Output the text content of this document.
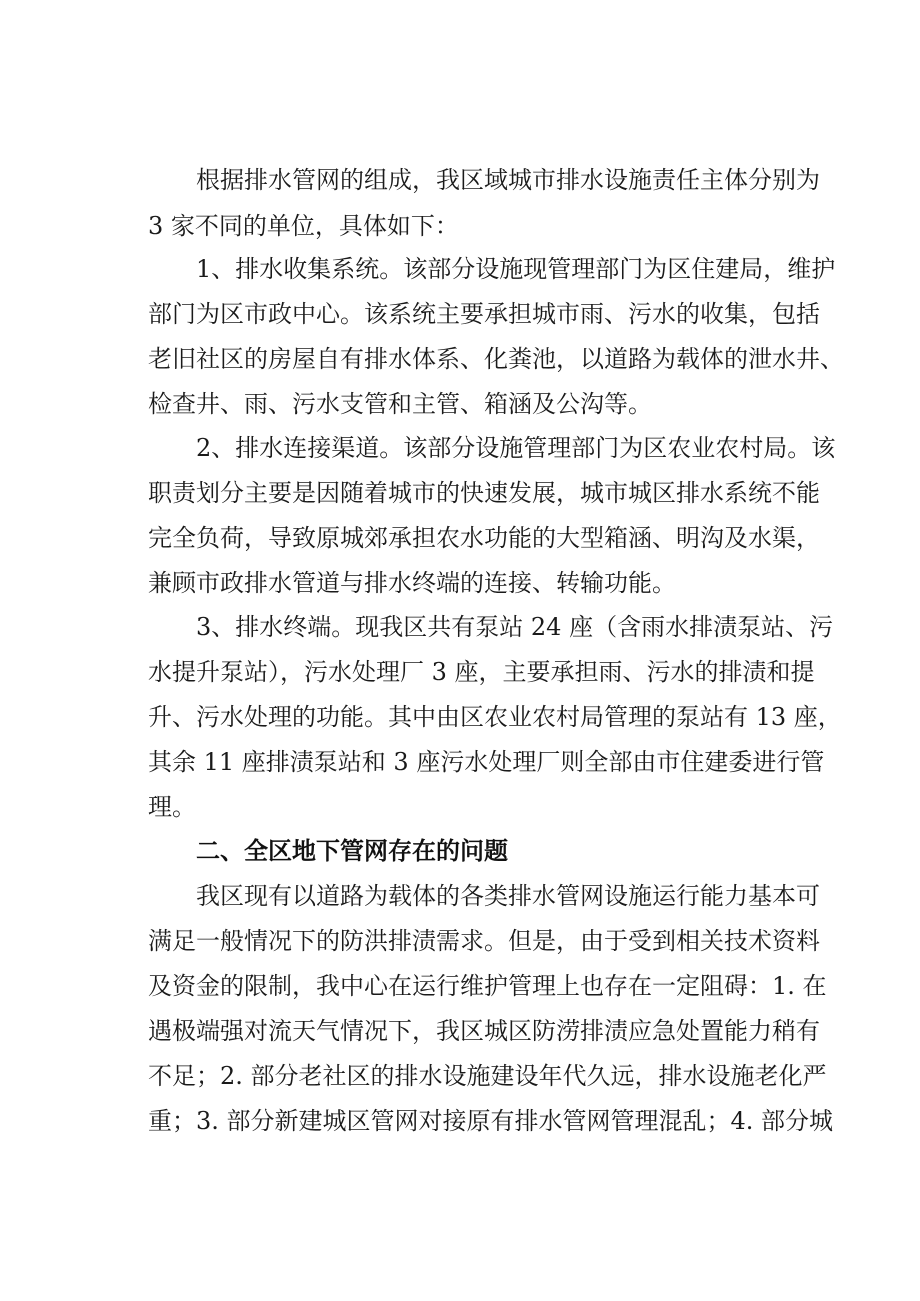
根据排水管网的组成，我区域城市排水设施责任主体分别为
3 家不同的单位，具体如下：
1、排水收集系统。该部分设施现管理部门为区住建局，维护
部门为区市政中心。该系统主要承担城市雨、污水的收集，包括
老旧社区的房屋自有排水体系、化粪池，以道路为载体的泄水井、
检查井、雨、污水支管和主管、箱涵及公沟等。
2、排水连接渠道。该部分设施管理部门为区农业农村局。该
职责划分主要是因随着城市的快速发展，城市城区排水系统不能
完全负荷，导致原城郊承担农水功能的大型箱涵、明沟及水渠，
兼顾市政排水管道与排水终端的连接、转输功能。
3、排水终端。现我区共有泵站 24 座（含雨水排渍泵站、污
水提升泵站），污水处理厂 3 座，主要承担雨、污水的排渍和提
升、污水处理的功能。其中由区农业农村局管理的泵站有 13 座，
其余 11 座排渍泵站和 3 座污水处理厂则全部由市住建委进行管
理。
二、全区地下管网存在的问题
我区现有以道路为载体的各类排水管网设施运行能力基本可
满足一般情况下的防洪排渍需求。但是，由于受到相关技术资料
及资金的限制，我中心在运行维护管理上也存在一定阻碍：1. 在
遇极端强对流天气情况下，我区城区防涝排渍应急处置能力稍有
不足；2. 部分老社区的排水设施建设年代久远，排水设施老化严
重；3. 部分新建城区管网对接原有排水管网管理混乱；4. 部分城
